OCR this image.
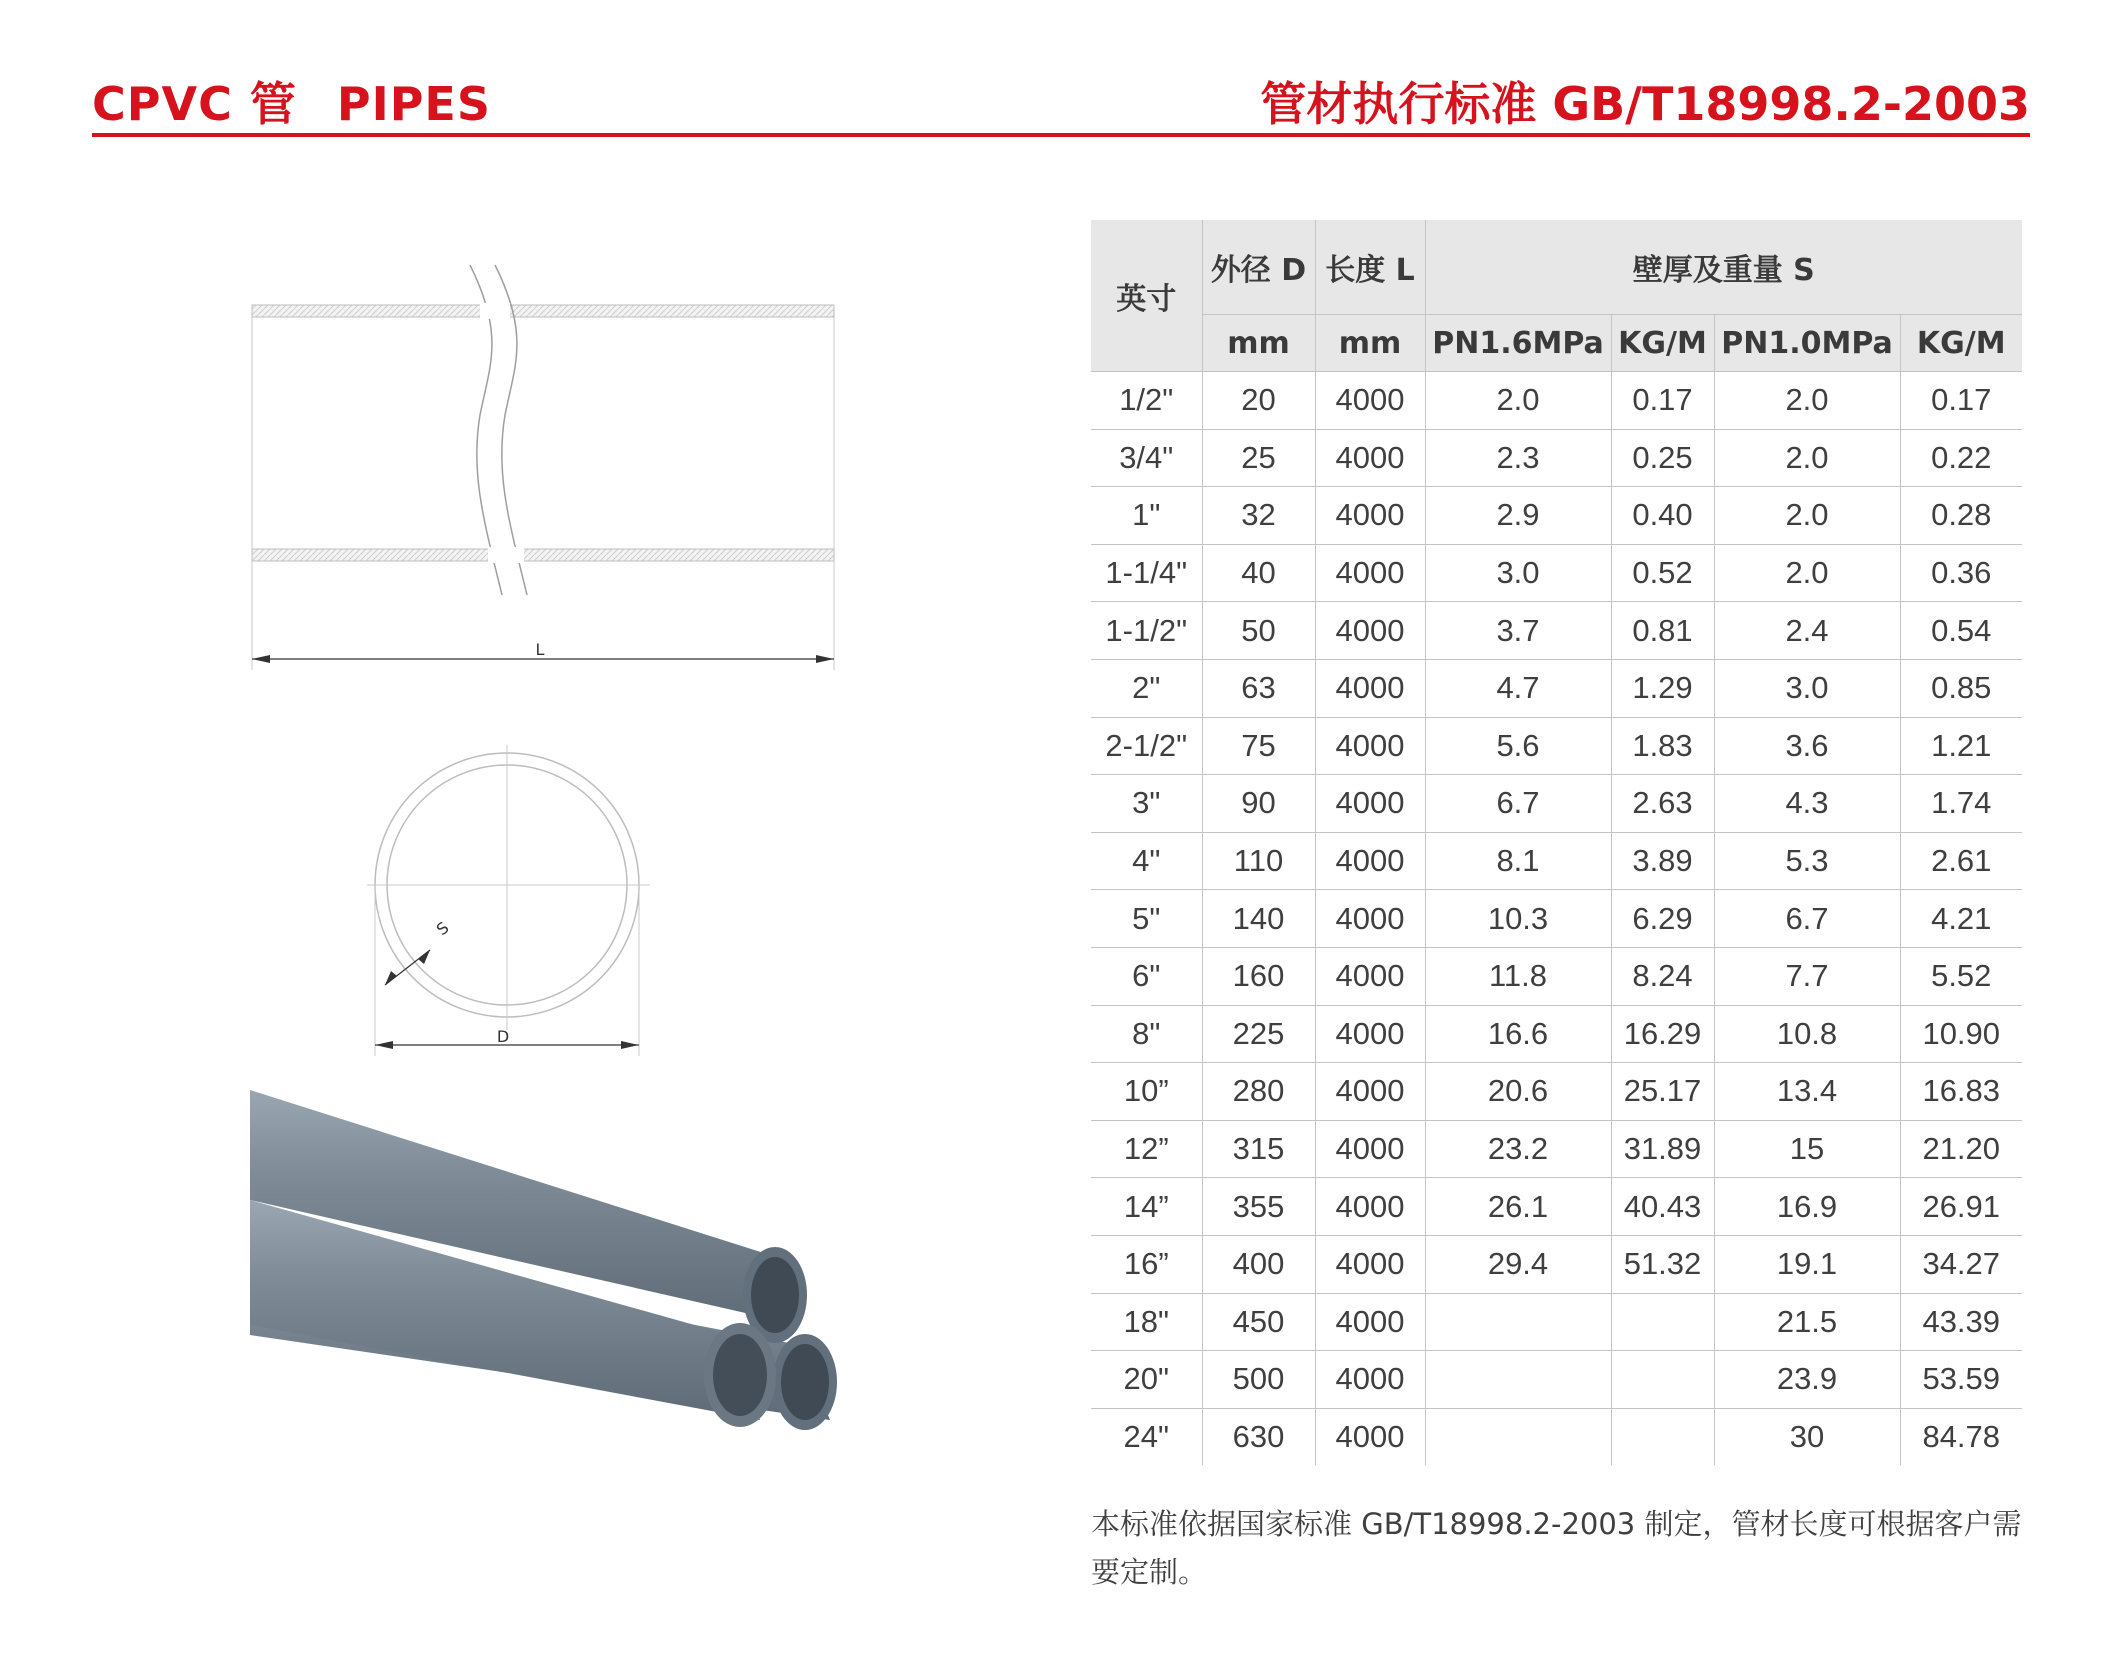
CPVC 管 PIPES	管材执行标准 GB/T18998.2-2003
L
S
D
英寸	外径 D	长度 L	壁厚及重量 S			
	mm	mm	PN1.6MPa	KG/M	PN1.0MPa	KG/M
1/2"	20	4000	2.0	0.17	2.0	0.17
3/4"	25	4000	2.3	0.25	2.0	0.22
1"	32	4000	2.9	0.40	2.0	0.28
1-1/4"	40	4000	3.0	0.52	2.0	0.36
1-1/2"	50	4000	3.7	0.81	2.4	0.54
2"	63	4000	4.7	1.29	3.0	0.85
2-1/2"	75	4000	5.6	1.83	3.6	1.21
3"	90	4000	6.7	2.63	4.3	1.74
4"	110	4000	8.1	3.89	5.3	2.61
5"	140	4000	10.3	6.29	6.7	4.21
6"	160	4000	11.8	8.24	7.7	5.52
8"	225	4000	16.6	16.29	10.8	10.90
10”	280	4000	20.6	25.17	13.4	16.83
12”	315	4000	23.2	31.89	15	21.20
14”	355	4000	26.1	40.43	16.9	26.91
16”	400	4000	29.4	51.32	19.1	34.27
18"	450	4000			21.5	43.39
20"	500	4000			23.9	53.59
24"	630	4000			30	84.78
本标准依据国家标准 GB/T18998.2-2003 制定，管材长度可根据客户需要定制。
